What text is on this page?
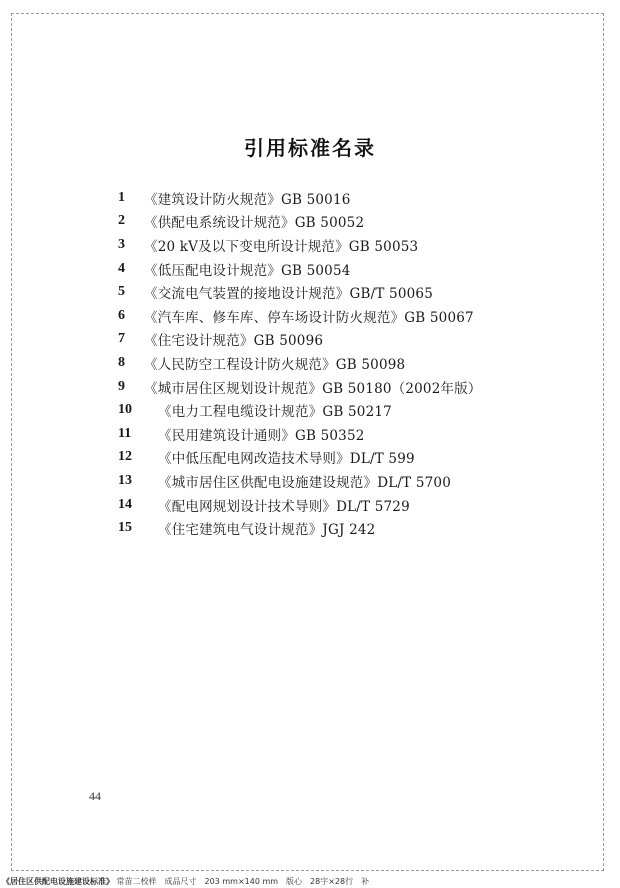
引用标准名录
1	《建筑设计防火规范》GB 50016
2	《供配电系统设计规范》GB 50052
3	《20 kV及以下变电所设计规范》GB 50053
4	《低压配电设计规范》GB 50054
5	《交流电气装置的接地设计规范》GB/T 50065
6	《汽车库、修车库、停车场设计防火规范》GB 50067
7	《住宅设计规范》GB 50096
8	《人民防空工程设计防火规范》GB 50098
9	《城市居住区规划设计规范》GB 50180（2002年版）
10	《电力工程电缆设计规范》GB 50217
11	《民用建筑设计通则》GB 50352
12	《中低压配电网改造技术导则》DL/T 599
13	《城市居住区供配电设施建设规范》DL/T 5700
14	《配电网规划设计技术导则》DL/T 5729
15	《住宅建筑电气设计规范》JGJ 242
44
《居住区供配电设施建设标准》 常苗二校样　成品尺寸　203 mm×140 mm　版心　28字×28行　补
